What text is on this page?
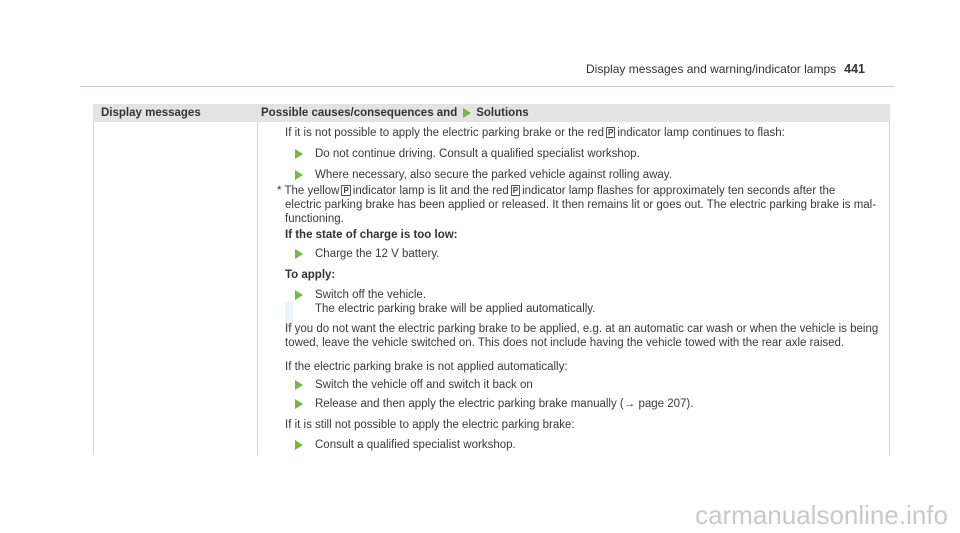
Display messages and warning/indicator lamps 441
Display messages	Possible causes/consequences and Solutions

If it is not possible to apply the electric parking brake or the red P indicator lamp continues to flash:

Do not continue driving. Consult a qualified specialist workshop.
Where necessary, also secure the parked vehicle against rolling away.

* The yellow P indicator lamp is lit and the red P indicator lamp flashes for approximately ten seconds after the

electric parking brake has been applied or released. It then remains lit or goes out. The electric parking brake is mal-

functioning.

If the state of charge is too low:

Charge the 12 V battery.

To apply:

Switch off the vehicle.
The electric parking brake will be applied automatically.

If you do not want the electric parking brake to be applied, e.g. at an automatic car wash or when the vehicle is being

towed, leave the vehicle switched on. This does not include having the vehicle towed with the rear axle raised.

If the electric parking brake is not applied automatically:

Switch the vehicle off and switch it back on
Release and then apply the electric parking brake manually (→ page 207).

If it is still not possible to apply the electric parking brake:

Consult a qualified specialist workshop.
carmanualsonline.info
